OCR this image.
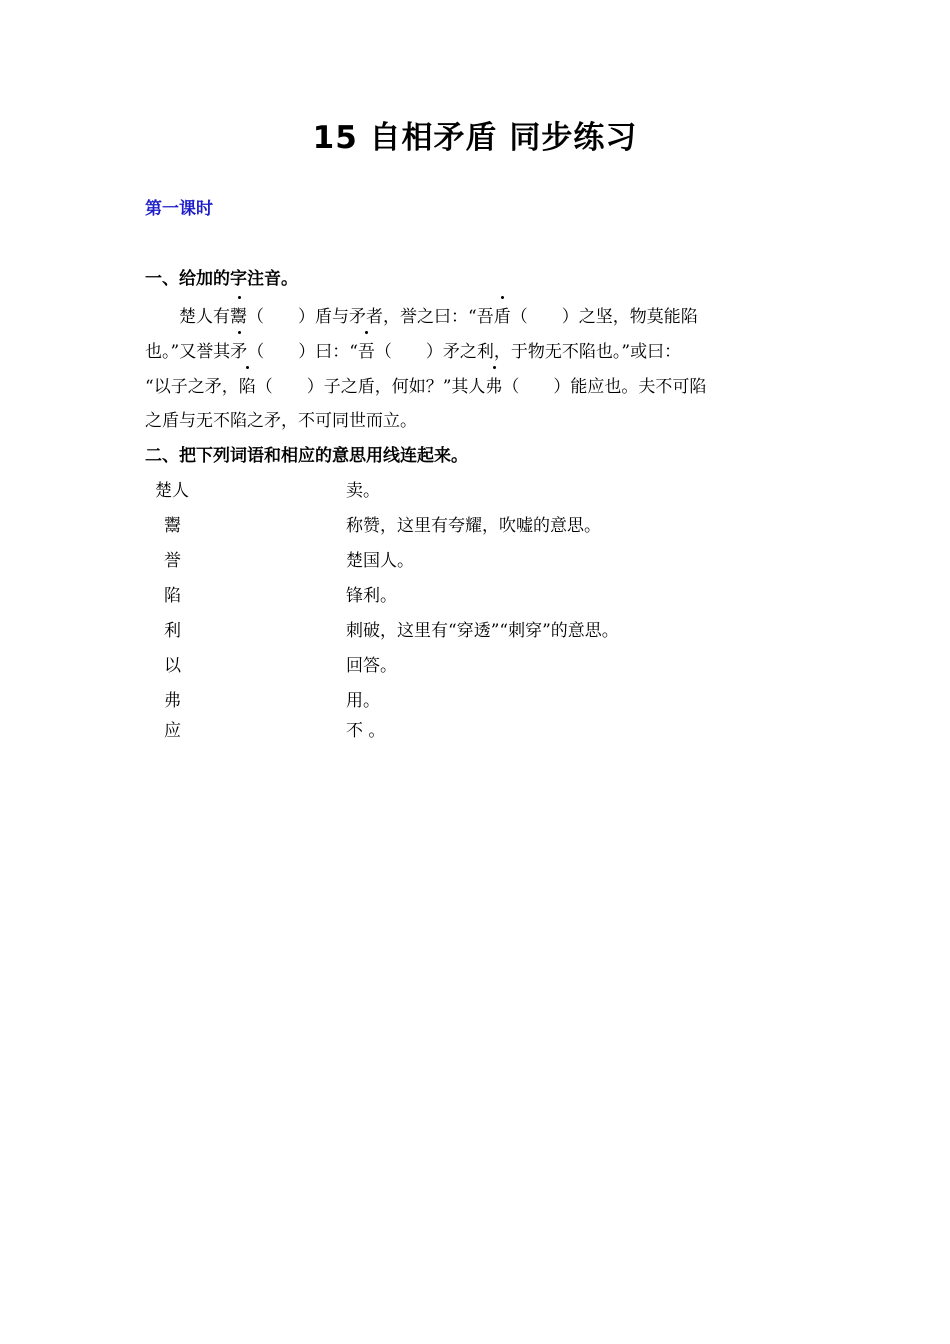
15 自相矛盾 同步练习
第一课时
一、给加的字注音。
楚人有鬻（　　）盾与矛者，誉之曰：“吾盾（　　）之坚，物莫能陷
也。”又誉其矛（　　）曰：“吾（　　）矛之利，于物无不陷也。”或曰：
“以子之矛，陷（　　）子之盾，何如？”其人弗（　　）能应也。夫不可陷
之盾与无不陷之矛，不可同世而立。
二、把下列词语和相应的意思用线连起来。
楚人
鬻
誉
陷
利
以
弗
应
卖。
称赞，这里有夸耀，吹嘘的意思。
楚国人。
锋利。
刺破，这里有“穿透”“刺穿”的意思。
回答。
用。
不 。
